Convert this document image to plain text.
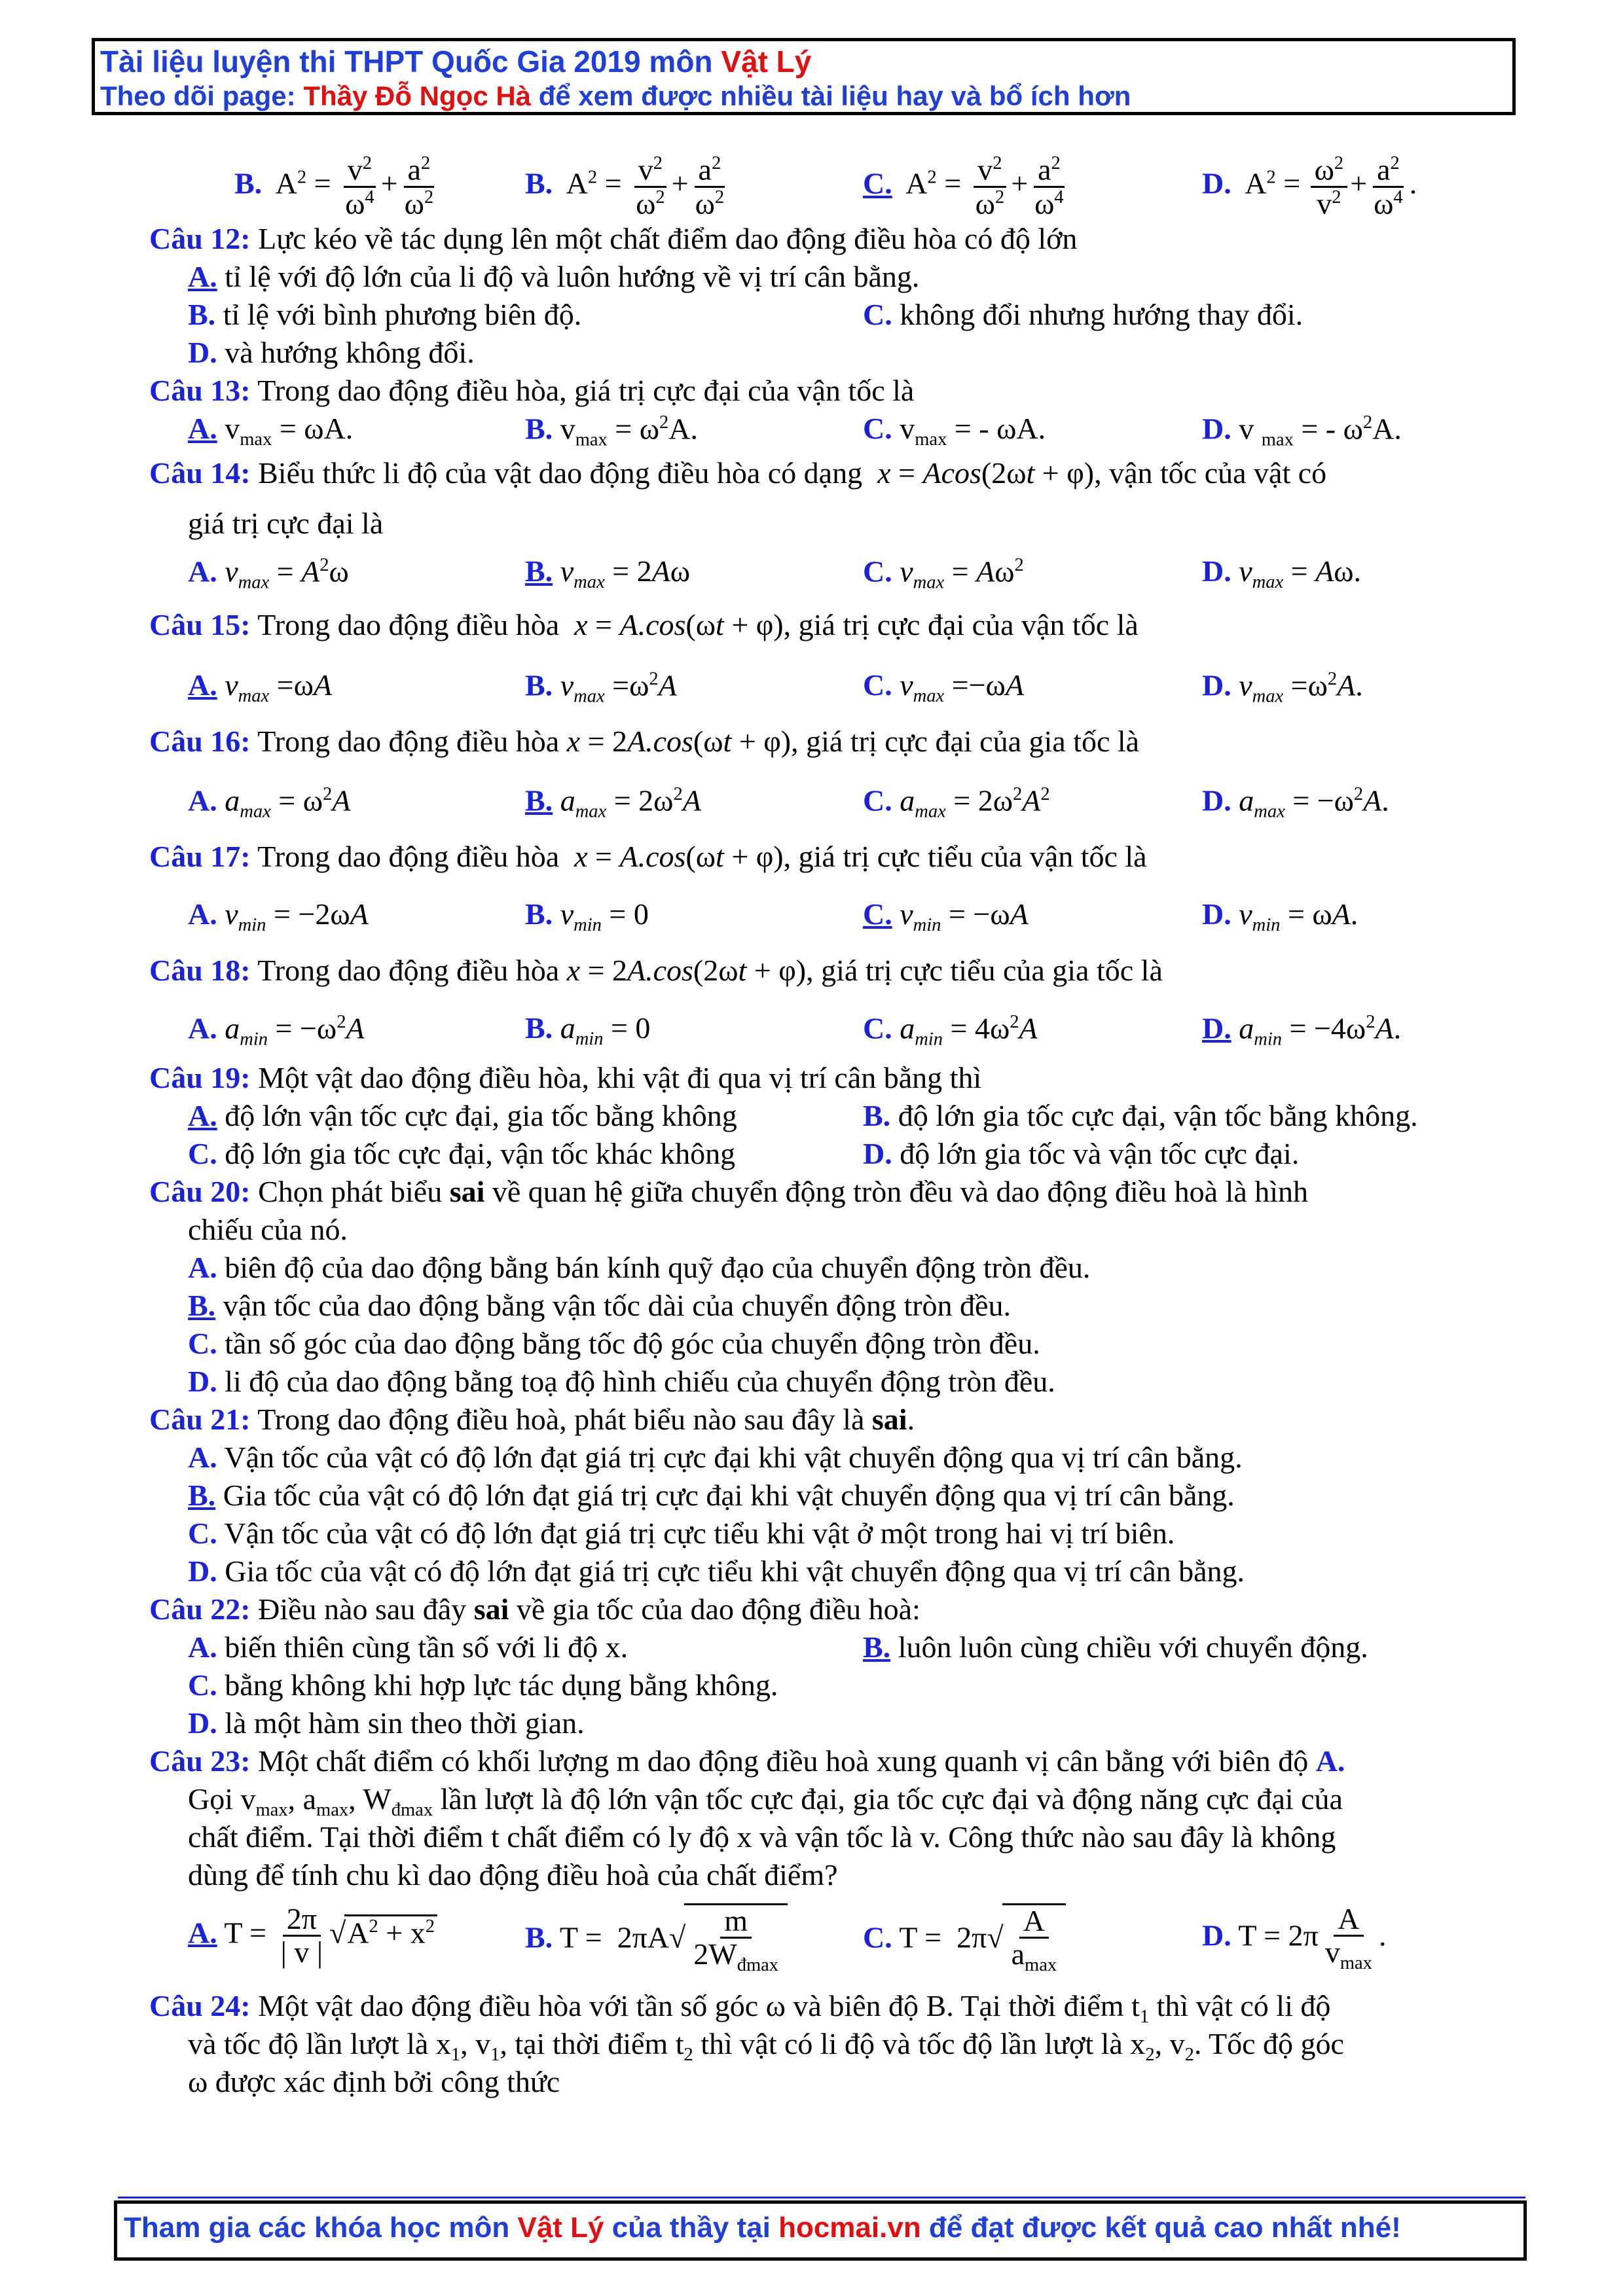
Tài liệu luyện thi THPT Quốc Gia 2019 môn Vật Lý
Theo dõi page: Thầy Đỗ Ngọc Hà để xem được nhiều tài liệu hay và bổ ích hơn
B.  $A^2 = \frac{v^2}{\omega^4} + \frac{a^2}{\omega^2}$	B.  $A^2 = \frac{v^2}{\omega^2} + \frac{a^2}{\omega^2}$	C.  $A^2 = \frac{v^2}{\omega^2} + \frac{a^2}{\omega^4}$	D.  $A^2 = \frac{\omega^2}{v^2} + \frac{a^2}{\omega^4}$ .
Câu 12: Lực kéo về tác dụng lên một chất điểm dao động điều hòa có độ lớn
A. tỉ lệ với độ lớn của li độ và luôn hướng về vị trí cân bằng.
B. tỉ lệ với bình phương biên độ.	C. không đổi nhưng hướng thay đổi.
D. và hướng không đổi.
Câu 13: Trong dao động điều hòa, giá trị cực đại của vận tốc là
A. $v_{max} = \omega A$.	B. $v_{max} = \omega^2A$.	C. $v_{max}$ = - ωA.	D. v $_{max}$ = - $\omega^2A$.
Câu 14: Biểu thức li độ của vật dao động điều hòa có dạng x = Acos(2ωt + φ), vận tốc của vật có
giá trị cực đại là
A. $v_{max} = A^2\omega$	B. $v_{max} = 2A\omega$	C. $v_{max} = A\omega^2$	D. $v_{max} = A\omega$.
Câu 15: Trong dao động điều hòa x = A.cos(ωt + φ), giá trị cực đại của vận tốc là
A. $v_{max} =\omega A$	B. $v_{max} =\omega^2A$	C. $v_{max} =-\omega A$	D. $v_{max} =\omega^2A$.
Câu 16: Trong dao động điều hòa x = 2A.cos(ωt + φ), giá trị cực đại của gia tốc là
A. $a_{max} = \omega^2A$	B. $a_{max} = 2\omega^2A$	C. $a_{max} = 2\omega^2A^2$	D. $a_{max} = -\omega^2A$.
Câu 17: Trong dao động điều hòa x = A.cos(ωt + φ), giá trị cực tiểu của vận tốc là
A. $v_{min} = -2\omega A$	B. $v_{min} = 0$	C. $v_{min} = -\omega A$	D. $v_{min} = \omega A$.
Câu 18: Trong dao động điều hòa x = 2A.cos(2ωt + φ), giá trị cực tiểu của gia tốc là
A. $a_{min} = -\omega^2A$	B. $a_{min} = 0$	C. $a_{min} = 4\omega^2A$	D. $a_{min} = -4\omega^2A$.
Câu 19: Một vật dao động điều hòa, khi vật đi qua vị trí cân bằng thì
A. độ lớn vận tốc cực đại, gia tốc bằng không	B. độ lớn gia tốc cực đại, vận tốc bằng không.
C. độ lớn gia tốc cực đại, vận tốc khác không	D. độ lớn gia tốc và vận tốc cực đại.
Câu 20: Chọn phát biểu sai về quan hệ giữa chuyển động tròn đều và dao động điều hoà là hình
chiếu của nó.
A. biên độ của dao động bằng bán kính quỹ đạo của chuyển động tròn đều.
B. vận tốc của dao động bằng vận tốc dài của chuyển động tròn đều.
C. tần số góc của dao động bằng tốc độ góc của chuyển động tròn đều.
D. li độ của dao động bằng toạ độ hình chiếu của chuyển động tròn đều.
Câu 21: Trong dao động điều hoà, phát biểu nào sau đây là sai.
A. Vận tốc của vật có độ lớn đạt giá trị cực đại khi vật chuyển động qua vị trí cân bằng.
B. Gia tốc của vật có độ lớn đạt giá trị cực đại khi vật chuyển động qua vị trí cân bằng.
C. Vận tốc của vật có độ lớn đạt giá trị cực tiểu khi vật ở một trong hai vị trí biên.
D. Gia tốc của vật có độ lớn đạt giá trị cực tiểu khi vật chuyển động qua vị trí cân bằng.
Câu 22: Điều nào sau đây sai về gia tốc của dao động điều hoà:
A. biến thiên cùng tần số với li độ x.	B. luôn luôn cùng chiều với chuyển động.
C. bằng không khi hợp lực tác dụng bằng không.
D. là một hàm sin theo thời gian.
Câu 23: Một chất điểm có khối lượng m dao động điều hoà xung quanh vị cân bằng với biên độ A.
Gọi $v_{max}$, $a_{max}$, $W_{đmax}$ lần lượt là độ lớn vận tốc cực đại, gia tốc cực đại và động năng cực đại của
chất điểm. Tại thời điểm t chất điểm có ly độ x và vận tốc là v. Công thức nào sau đây là không
dùng để tính chu kì dao động điều hoà của chất điểm?
A. $T = \frac{2\pi}{| v |} √A^2 + x^2$	B. $T = 2\pi A√ \frac{m}{2W_{đmax}}$	C. $T = 2\pi√ \frac{A}{a_{max}}$	D. $T = 2\pi \frac{A}{v_{max}}$ .
Câu 24: Một vật dao động điều hòa với tần số góc ω và biên độ B. Tại thời điểm $t_1$ thì vật có li độ
và tốc độ lần lượt là $x_1$, $v_1$, tại thời điểm $t_2$ thì vật có li độ và tốc độ lần lượt là $x_2$, $v_2$. Tốc độ góc
ω được xác định bởi công thức
Tham gia các khóa học môn Vật Lý của thầy tại hocmai.vn để đạt được kết quả cao nhất nhé!
